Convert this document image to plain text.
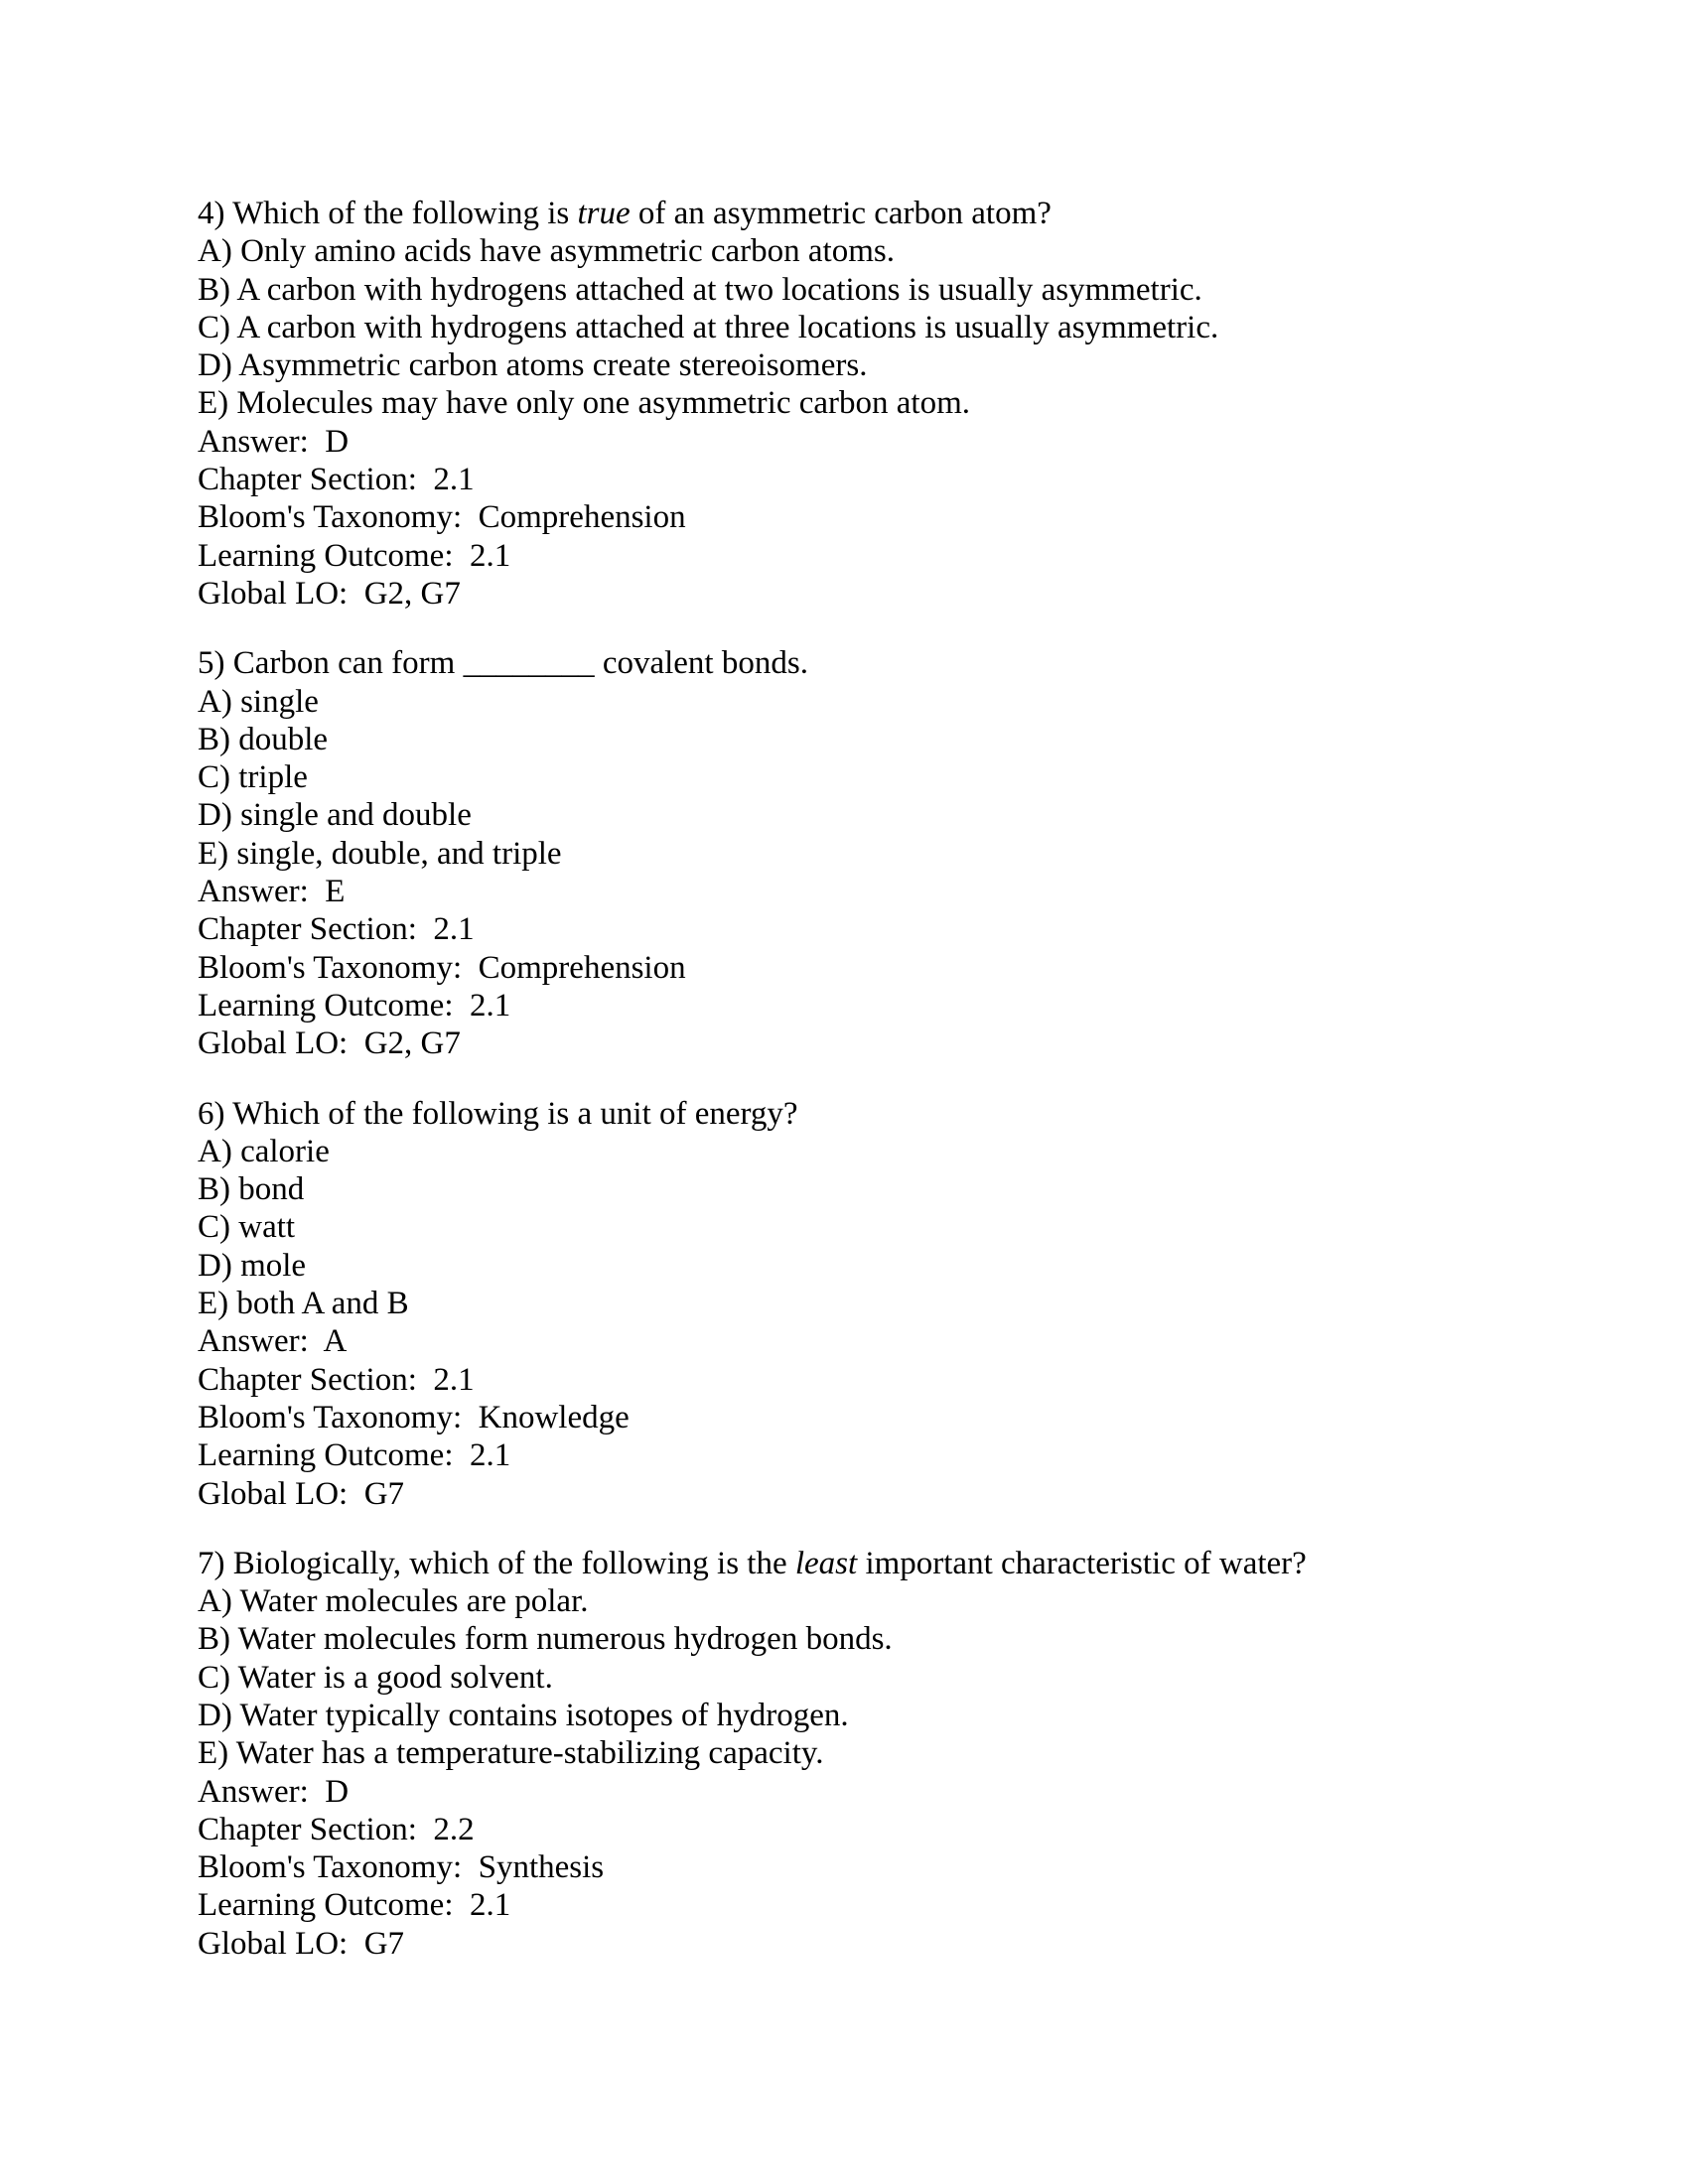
4) Which of the following is true of an asymmetric carbon atom?
A) Only amino acids have asymmetric carbon atoms.
B) A carbon with hydrogens attached at two locations is usually asymmetric.
C) A carbon with hydrogens attached at three locations is usually asymmetric.
D) Asymmetric carbon atoms create stereoisomers.
E) Molecules may have only one asymmetric carbon atom.
Answer:  D
Chapter Section:  2.1
Bloom's Taxonomy:  Comprehension
Learning Outcome:  2.1
Global LO:  G2, G7
5) Carbon can form ________ covalent bonds.
A) single
B) double
C) triple
D) single and double
E) single, double, and triple
Answer:  E
Chapter Section:  2.1
Bloom's Taxonomy:  Comprehension
Learning Outcome:  2.1
Global LO:  G2, G7
6) Which of the following is a unit of energy?
A) calorie
B) bond
C) watt
D) mole
E) both A and B
Answer:  A
Chapter Section:  2.1
Bloom's Taxonomy:  Knowledge
Learning Outcome:  2.1
Global LO:  G7
7) Biologically, which of the following is the least important characteristic of water?
A) Water molecules are polar.
B) Water molecules form numerous hydrogen bonds.
C) Water is a good solvent.
D) Water typically contains isotopes of hydrogen.
E) Water has a temperature-stabilizing capacity.
Answer:  D
Chapter Section:  2.2
Bloom's Taxonomy:  Synthesis
Learning Outcome:  2.1
Global LO:  G7
